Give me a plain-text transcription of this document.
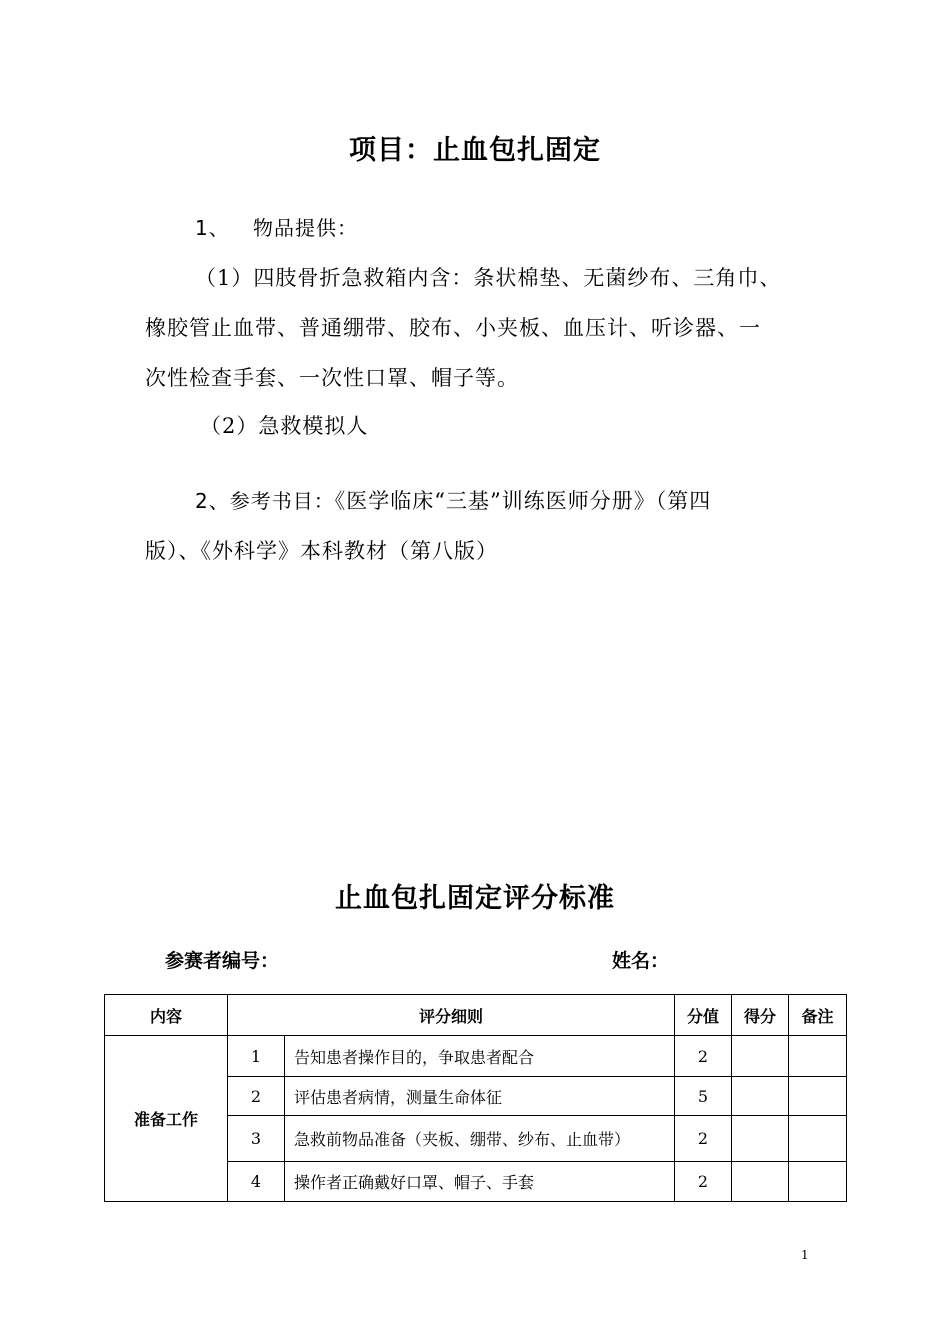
项目：止血包扎固定
1、 物品提供：
（1）四肢骨折急救箱内含：条状棉垫、无菌纱布、三角巾、
橡胶管止血带、普通绷带、胶布、小夹板、血压计、听诊器、一
次性检查手套、一次性口罩、帽子等。
（2）急救模拟人
2、参考书目：《医学临床“三基”训练医师分册》（第四
版）、《外科学》本科教材（第八版）
止血包扎固定评分标准
参赛者编号：	姓名：
内容	评分细则		分值	得分	备注
准备工作	1	告知患者操作目的，争取患者配合	2		
	2	评估患者病情，测量生命体征	5		
	3	急救前物品准备（夹板、绷带、纱布、止血带）	2		
	4	操作者正确戴好口罩、帽子、手套	2		
1
